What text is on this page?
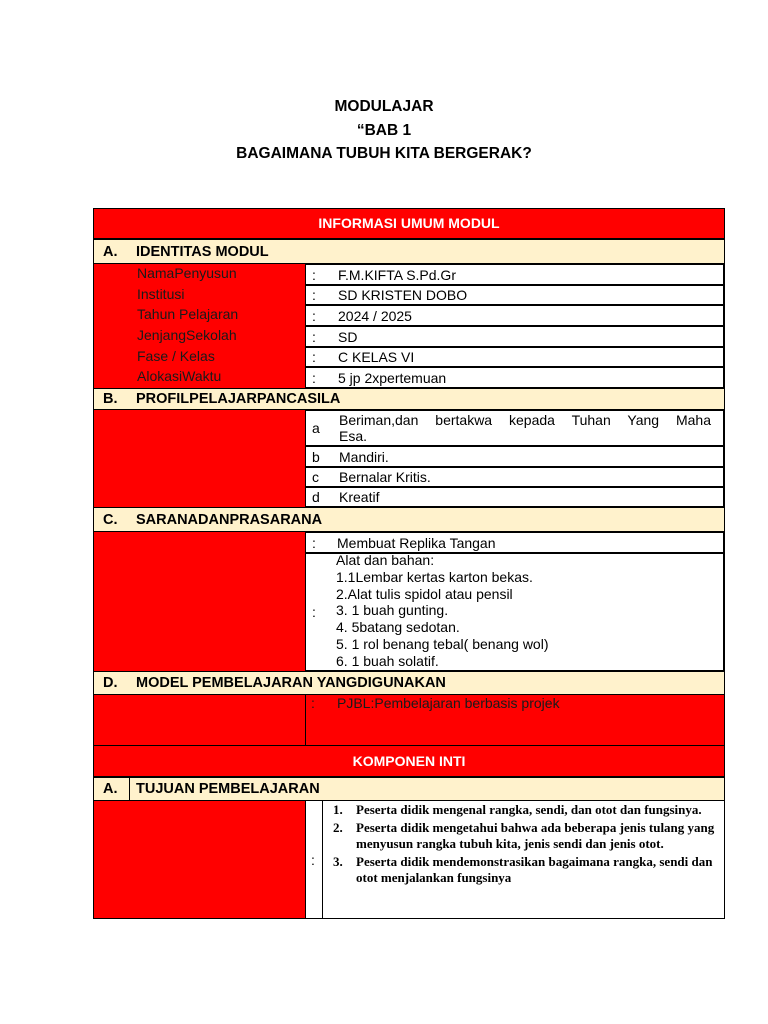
MODULAJAR
“BAB 1
BAGAIMANA TUBUH KITA BERGERAK?
INFORMASI UMUM MODUL
A. IDENTITAS MODUL
NamaPenyusun
Institusi
Tahun Pelajaran
JenjangSekolah
Fase / Kelas
AlokasiWaktu
: F.M.KIFTA S.Pd.Gr
: SD KRISTEN DOBO
: 2024 / 2025
: SD
: C KELAS VI
: 5 jp 2xpertemuan
B. PROFILPELAJARPANCASILA
a Beriman,dan bertakwa kepada Tuhan Yang Maha
Esa.
b Mandiri.
c Bernalar Kritis.
d Kreatif
C. SARANADANPRASARANA
: Membuat Replika Tangan
:
Alat dan bahan:
1.1Lembar kertas karton bekas.
2.Alat tulis spidol atau pensil
3. 1 buah gunting.
4. 5batang sedotan.
5. 1 rol benang tebal( benang wol)
6. 1 buah solatif.
D. MODEL PEMBELAJARAN YANGDIGUNAKAN
: PJBL:Pembelajaran berbasis projek
KOMPONEN INTI
A. TUJUAN PEMBELAJARAN
:
1. Peserta didik mengenal rangka, sendi, dan otot dan fungsinya.
2. Peserta didik mengetahui bahwa ada beberapa jenis tulang yang menyusun rangka tubuh kita, jenis sendi dan jenis otot.
3. Peserta didik mendemonstrasikan bagaimana rangka, sendi dan otot menjalankan fungsinya
